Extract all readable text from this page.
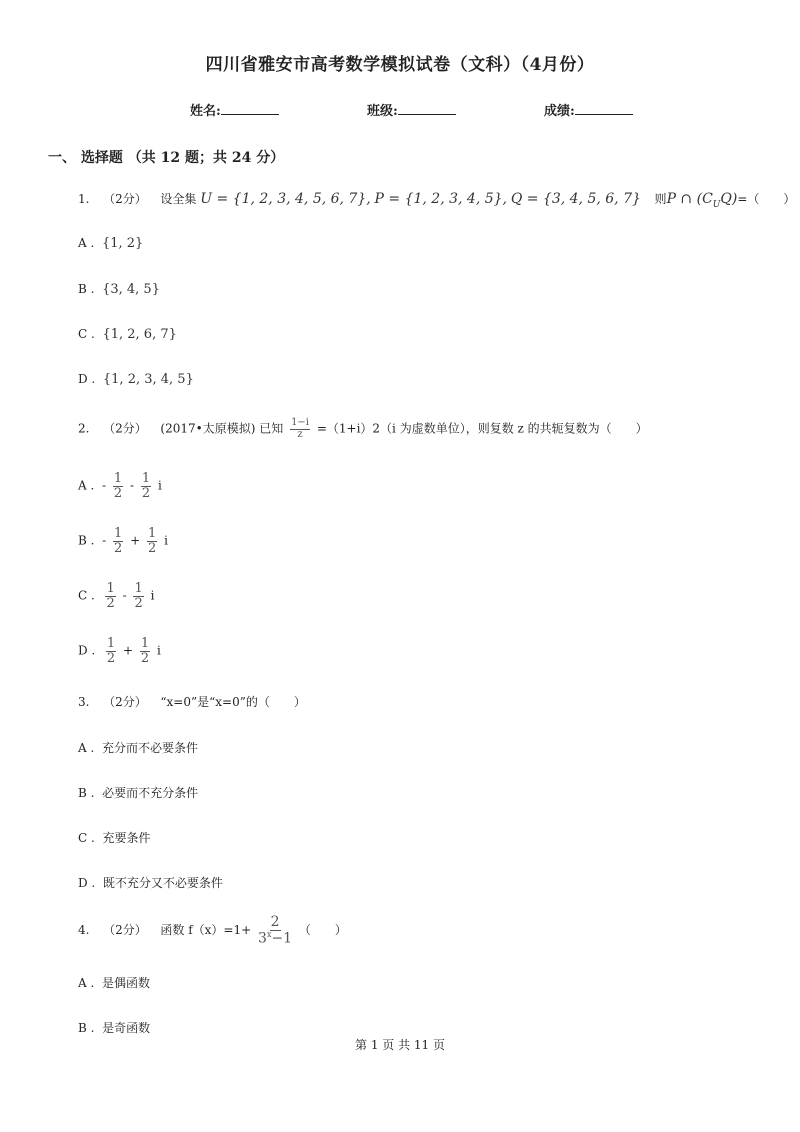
四川省雅安市高考数学模拟试卷（文科）（4月份）
姓名:	班级:	成绩:
一、 选择题 （共 12 题；共 24 分）
1. （2分） 设全集 U = {1, 2, 3, 4, 5, 6, 7}, P = {1, 2, 3, 4, 5}, Q = {3, 4, 5, 6, 7} 则P ∩ $(C_UQ)=$（　　）
A . {1, 2}
B . {3, 4, 5}
C . {1, 2, 6, 7}
D . {1, 2, 3, 4, 5}
2. （2分） (2017•太原模拟) 已知 $\frac{1-i}{z} =(1+i)2(i$ 为虚数单位），则复数 z 的共轭复数为（　　）
A . - $\frac{1}{2} - \frac{1}{2}$ i
B . - $\frac{1}{2} + \frac{1}{2}$ i
C . $\frac{1}{2} - \frac{1}{2}$ i
D . $\frac{1}{2} + \frac{1}{2}$ i
3. （2分） “x=0”是“x=0”的（　　）
A . 充分而不必要条件
B . 必要而不充分条件
C . 充要条件
D . 既不充分又不必要条件
4. （2分） 函数 $f(x)=1+ \frac{2}{3^x-1}$ （　　）
A . 是偶函数
B . 是奇函数
第 1 页 共 11 页
